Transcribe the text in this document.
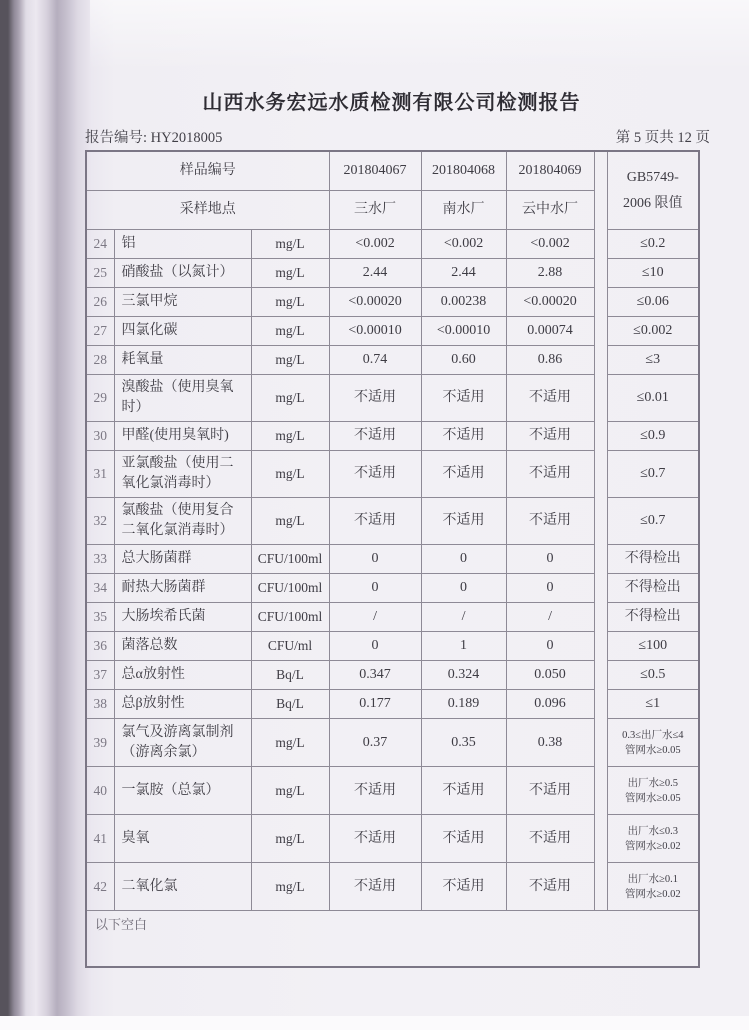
山西水务宏远水质检测有限公司检测报告
报告编号: HY2018005	第 5 页共 12 页
样品编号			201804067	201804068	201804069		GB5749-
2006 限值

采样地点			三水厂	南水厂	云中水厂		
24	铝	mg/L	<0.002	<0.002	<0.002		≤0.2

25	硝酸盐（以氮计）	mg/L	2.44	2.44	2.88		≤10

26	三氯甲烷	mg/L	<0.00020	0.00238	<0.00020		≤0.06

27	四氯化碳	mg/L	<0.00010	<0.00010	0.00074		≤0.002

28	耗氧量	mg/L	0.74	0.60	0.86		≤3

29	溴酸盐（使用臭氧时）	mg/L	不适用	不适用	不适用		≤0.01

30	甲醛(使用臭氧时)	mg/L	不适用	不适用	不适用		≤0.9

31	亚氯酸盐（使用二氧化氯消毒时）	mg/L	不适用	不适用	不适用		≤0.7

32	氯酸盐（使用复合二氧化氯消毒时）	mg/L	不适用	不适用	不适用		≤0.7

33	总大肠菌群	CFU/100ml	0	0	0		不得检出

34	耐热大肠菌群	CFU/100ml	0	0	0		不得检出

35	大肠埃希氏菌	CFU/100ml	/	/	/		不得检出

36	菌落总数	CFU/ml	0	1	0		≤100

37	总α放射性	Bq/L	0.347	0.324	0.050		≤0.5

38	总β放射性	Bq/L	0.177	0.189	0.096		≤1

39	氯气及游离氯制剂（游离余氯）	mg/L	0.37	0.35	0.38		0.3≤出厂水≤4
管网水≥0.05

40	一氯胺（总氯）	mg/L	不适用	不适用	不适用		出厂水≥0.5
管网水≥0.05

41	臭氧	mg/L	不适用	不适用	不适用		出厂水≤0.3
管网水≥0.02

42	二氧化氯	mg/L	不适用	不适用	不适用		出厂水≥0.1
管网水≥0.02

以下空白							
